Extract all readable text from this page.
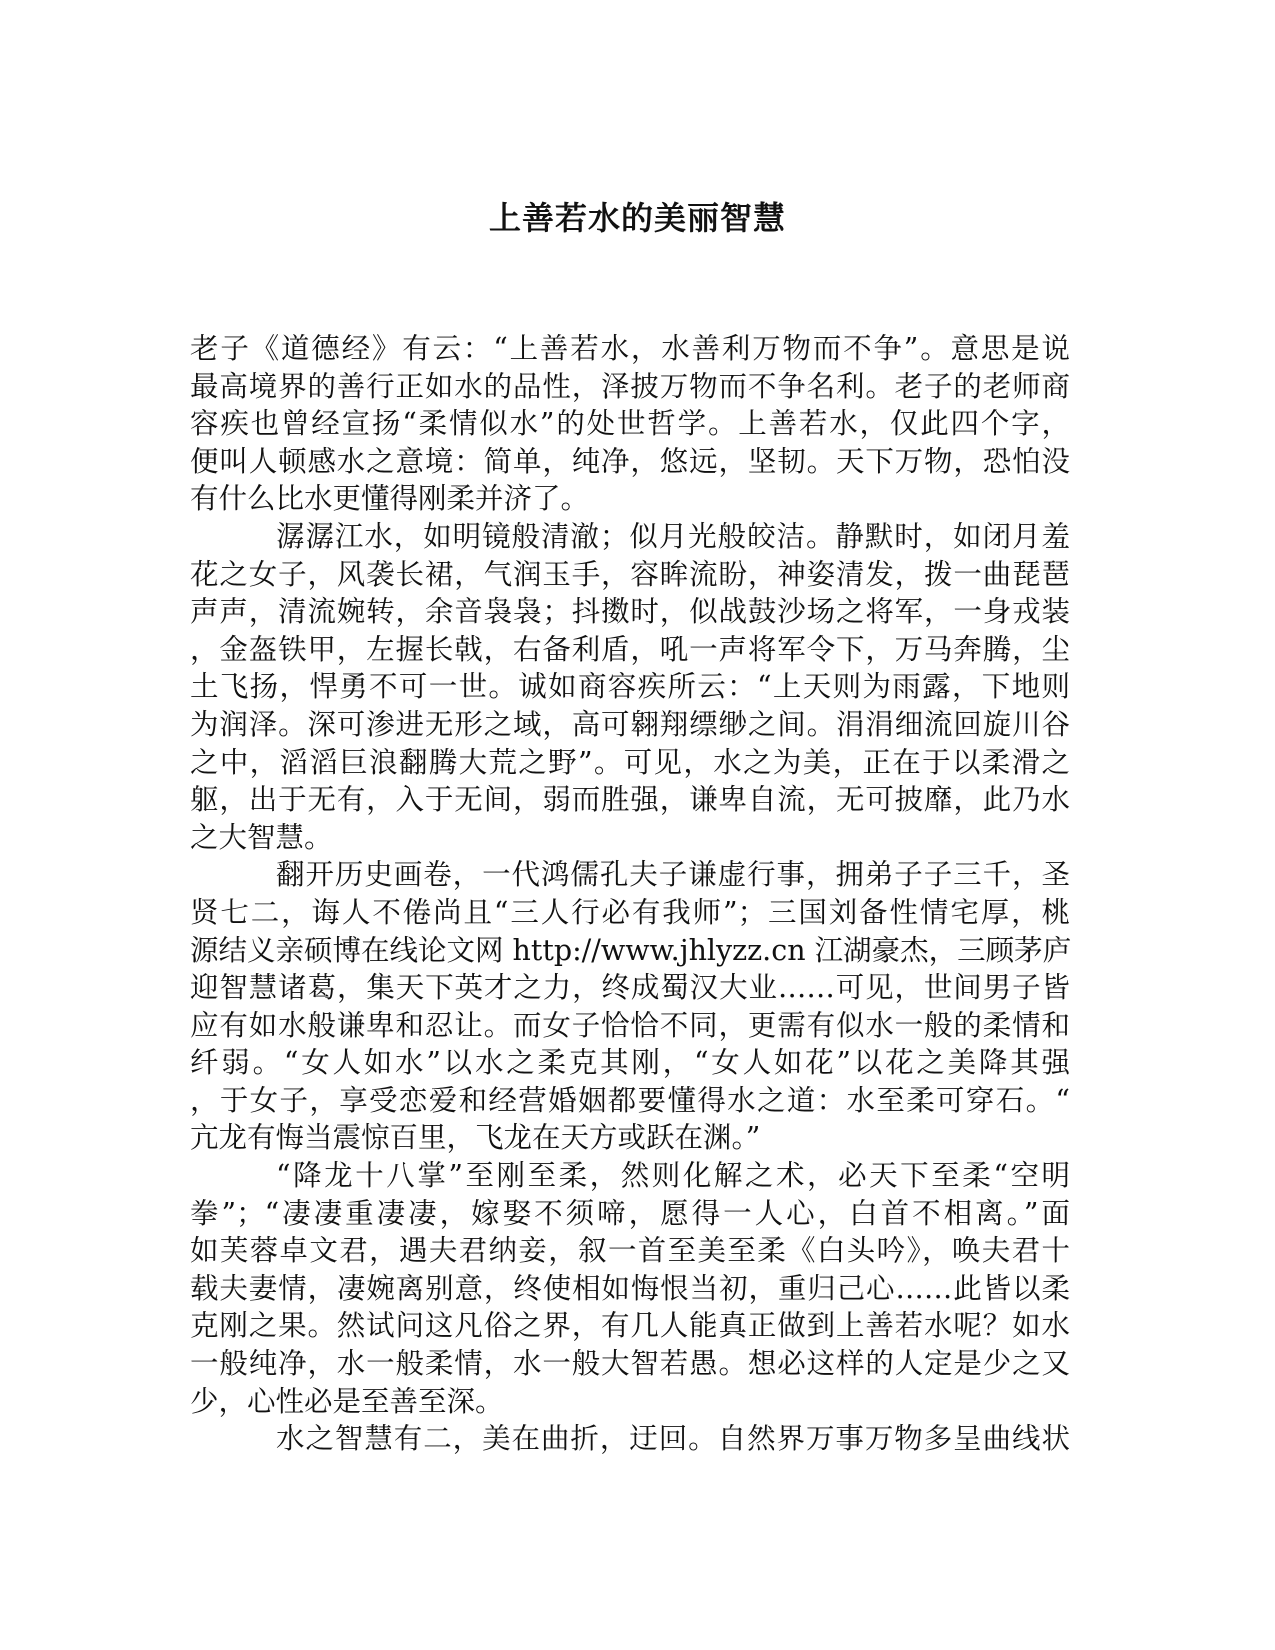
上善若水的美丽智慧
老子《道德经》有云：“上善若水，水善利万物而不争”。意思是说
最高境界的善行正如水的品性，泽披万物而不争名利。老子的老师商
容疾也曾经宣扬“柔情似水”的处世哲学。上善若水，仅此四个字，
便叫人顿感水之意境：简单，纯净，悠远，坚韧。天下万物，恐怕没
有什么比水更懂得刚柔并济了。
潺潺江水，如明镜般清澈；似月光般皎洁。静默时，如闭月羞
花之女子，风袭长裙，气润玉手，容眸流盼，神姿清发，拨一曲琵琶
声声，清流婉转，余音袅袅；抖擞时，似战鼓沙场之将军，一身戎装
，金盔铁甲，左握长戟，右备利盾，吼一声将军令下，万马奔腾，尘
土飞扬，悍勇不可一世。诚如商容疾所云：“上天则为雨露，下地则
为润泽。深可渗进无形之域，高可翱翔缥缈之间。涓涓细流回旋川谷
之中，滔滔巨浪翻腾大荒之野”。可见，水之为美，正在于以柔滑之
躯，出于无有，入于无间，弱而胜强，谦卑自流，无可披靡，此乃水
之大智慧。
翻开历史画卷，一代鸿儒孔夫子谦虚行事，拥弟子子三千，圣
贤七二，诲人不倦尚且“三人行必有我师”；三国刘备性情宅厚，桃
源结义亲硕博在线论文网 http://www.jhlyzz.cn 江湖豪杰，三顾茅庐
迎智慧诸葛，集天下英才之力，终成蜀汉大业……可见，世间男子皆
应有如水般谦卑和忍让。而女子恰恰不同，更需有似水一般的柔情和
纤弱。“女人如水”以水之柔克其刚，“女人如花”以花之美降其强
，于女子，享受恋爱和经营婚姻都要懂得水之道：水至柔可穿石。“
亢龙有悔当震惊百里，飞龙在天方或跃在渊。”
“降龙十八掌”至刚至柔，然则化解之术，必天下至柔“空明
拳”；“凄凄重凄凄，嫁娶不须啼，愿得一人心，白首不相离。”面
如芙蓉卓文君，遇夫君纳妾，叙一首至美至柔《白头吟》，唤夫君十
载夫妻情，凄婉离别意，终使相如悔恨当初，重归己心……此皆以柔
克刚之果。然试问这凡俗之界，有几人能真正做到上善若水呢？如水
一般纯净，水一般柔情，水一般大智若愚。想必这样的人定是少之又
少，心性必是至善至深。
水之智慧有二，美在曲折，迂回。自然界万事万物多呈曲线状
